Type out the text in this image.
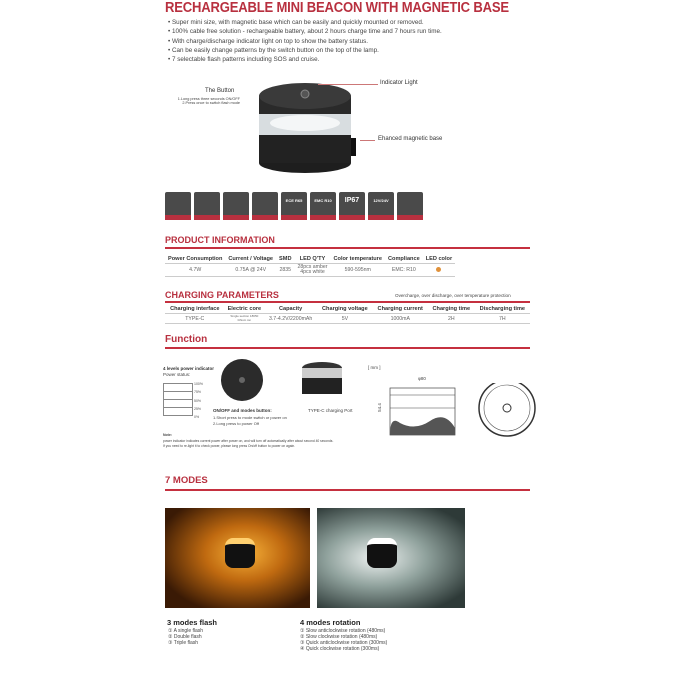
RECHARGEABLE MINI BEACON WITH MAGNETIC BASE
• Super mini size, with magnetic base which can be easily and quickly mounted or removed.
• 100% cable free solution - rechargeable battery, about 2 hours charge time and 7 hours run time.
• With charge/discharge indicator light on top to show the battery status.
• Can be easily change patterns by the switch button on the top of the lamp.
• 7 selectable flash patterns including SOS and cruise.
The Button
1.Long press three seconds ON/OFF
2.Press once to switch flash mode
Indicator Light
Ehanced magnetic base
ECE R65	EMC R10	IP67	12V/24V
PRODUCT INFORMATION
Power Consumption	Current / Voltage	SMD	LED Q'TY	Color temperature	Compliance	LED color
4.7W	0.75A @ 24V	2835	28pcs amber
4pcs white	590-595nm	EMC: R10	
CHARGING PARAMETERS	Overcharge, over discharge, over temperature protection
Charging interface	Electric core	Capacity	Charging voltage	Charging current	Charging time	Discharging time
TYPE-C	Single section 18650 lithium ion	3.7-4.2V/2200mAh	5V	1000mA	2H	7H
Function
4 levels power indicator
Power status:
100%
75%
50%
25%
0%
ON/OFF and modes button:
1.Short press to mode switch or power on
2.Long press to power Off
TYPE-C charging Port
Note:
power indicator indicates current power after power on, and will turn off automatically after about second 40 seconds.
If you need to re-light it to check power, please long press On/off button to power on again.
[ mm ]
φ80
54.4
7 MODES
3 modes flash
① A single flash
② Double flash
③ Triple flash
4 modes rotation
① Slow anticlockwise rotation (480ms)
② Slow clockwise rotation (480ms)
③ Quick anticlockwise rotation (300ms)
④ Quick clockwise rotation (300ms)
